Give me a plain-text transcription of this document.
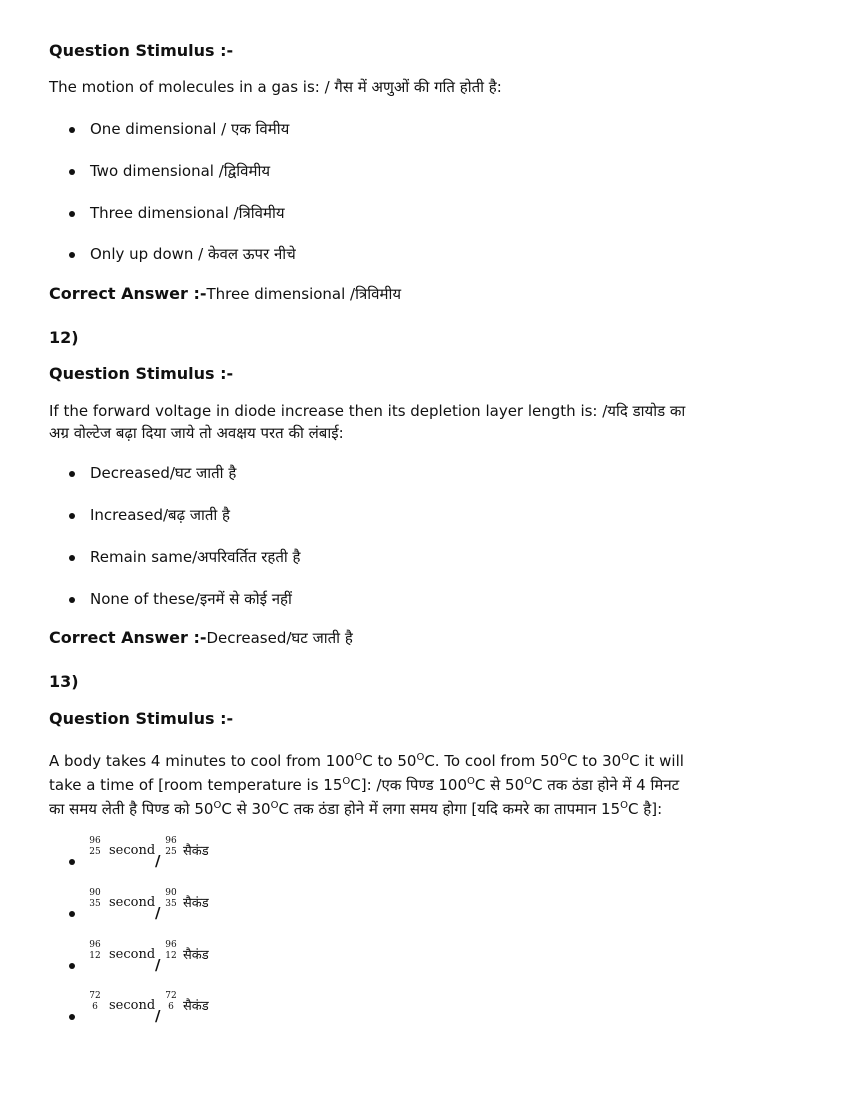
Question Stimulus :-
The motion of molecules in a gas is: / गैस में अणुओं की गति होती है:
One dimensional / एक विमीय
Two dimensional /द्विविमीय
Three dimensional /त्रिविमीय
Only up down / केवल ऊपर नीचे
Correct Answer :-Three dimensional /त्रिविमीय
12)
Question Stimulus :-
If the forward voltage in diode increase then its depletion layer length is: /यदि डायोड का
अग्र वोल्टेज बढ़ा दिया जाये तो अवक्षय परत की लंबाई:
Decreased/घट जाती है
Increased/बढ़ जाती है
Remain same/अपरिवर्तित रहती है
None of these/इनमें से कोई नहीं
Correct Answer :-Decreased/घट जाती है
13)
Question Stimulus :-
A body takes 4 minutes to cool from $100^OC$ to $50^OC$. To cool from $50^OC$ to $30^OC$ it will
take a time of [room temperature is $15^OC$]: /एक पिण्ड $100^OC$ से $50^OC$ तक ठंडा होने में 4 मिनट
का समय लेती है पिण्ड को $50^OC$ से $30^OC$ तक ठंडा होने में लगा समय होगा [यदि कमरे का तापमान $15^OC$ है]:
96
25 second
/
96
25 सैकंड
90
35 second
/
90
35 सैकंड
96
12 second
/
96
12 सैकंड
72
6 second
/
72
6 सैकंड
